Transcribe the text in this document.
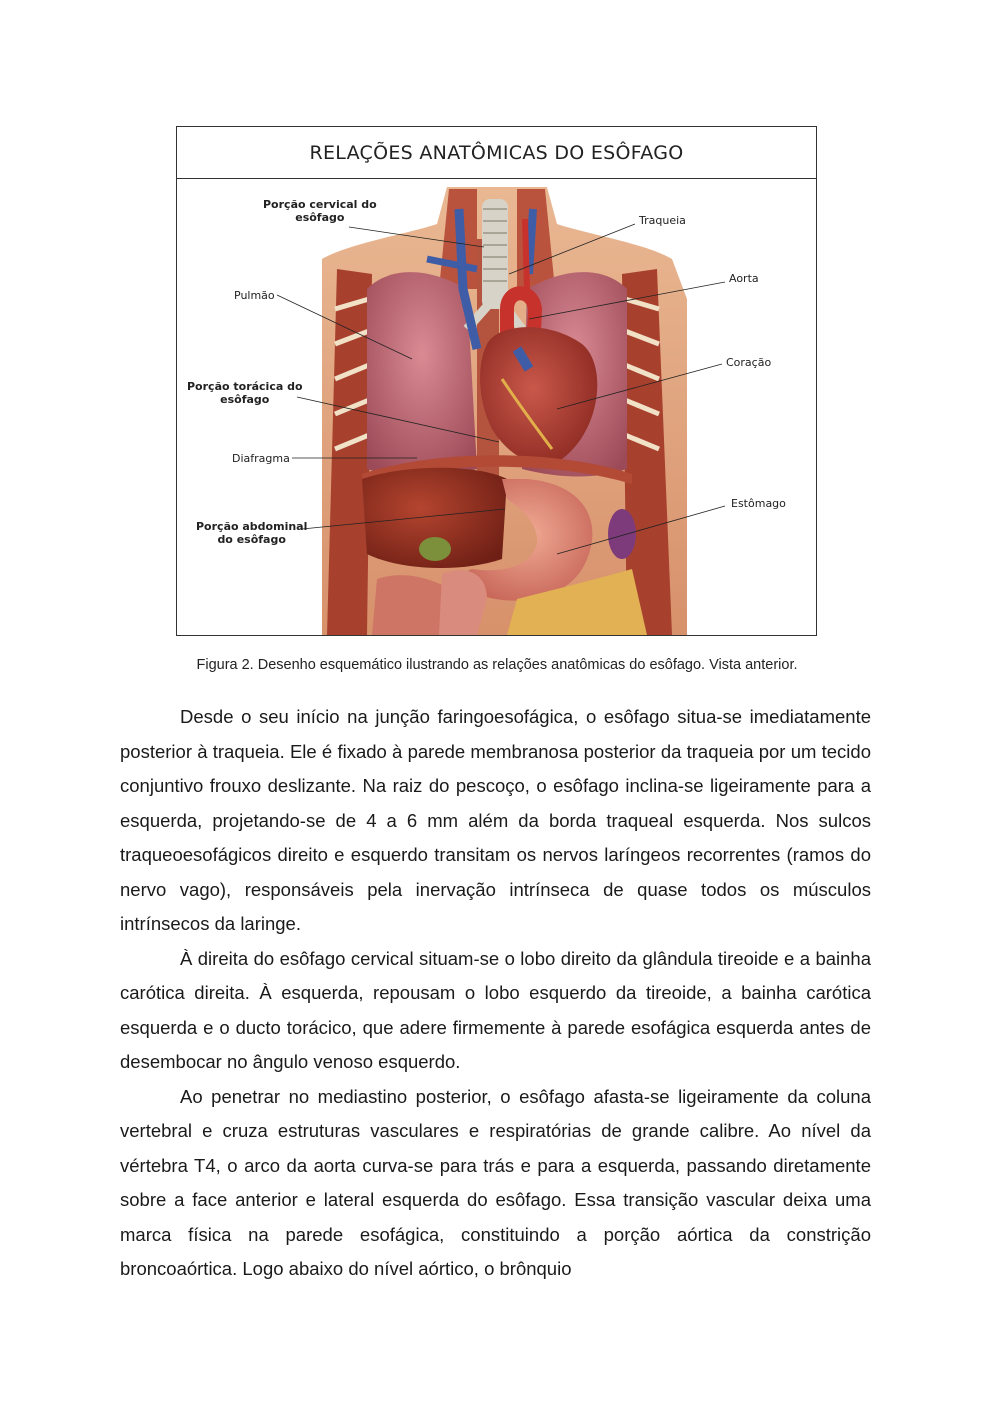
RELAÇÕES ANATÔMICAS DO ESÔFAGO
Porção cervical do
esôfago	Traqueia
Aorta
Pulmão
Coração
Porção torácica do
esôfago
Diafragma
Estômago
Porção abdominal
do esôfago
Figura 2. Desenho esquemático ilustrando as relações anatômicas do esôfago. Vista anterior.

Desde o seu início na junção faringoesofágica, o esôfago situa-se imediatamente posterior à traqueia. Ele é fixado à parede membranosa posterior da traqueia por um tecido conjuntivo frouxo deslizante. Na raiz do pescoço, o esôfago inclina-se ligeiramente para a esquerda, projetando-se de 4 a 6 mm além da borda traqueal esquerda. Nos sulcos traqueoesofágicos direito e esquerdo transitam os nervos laríngeos recorrentes (ramos do nervo vago), responsáveis pela inervação intrínseca de quase todos os músculos intrínsecos da laringe.

À direita do esôfago cervical situam-se o lobo direito da glândula tireoide e a bainha carótica direita. À esquerda, repousam o lobo esquerdo da tireoide, a bainha carótica esquerda e o ducto torácico, que adere firmemente à parede esofágica esquerda antes de desembocar no ângulo venoso esquerdo.

Ao penetrar no mediastino posterior, o esôfago afasta-se ligeiramente da coluna vertebral e cruza estruturas vasculares e respiratórias de grande calibre. Ao nível da vértebra T4, o arco da aorta curva-se para trás e para a esquerda, passando diretamente sobre a face anterior e lateral esquerda do esôfago. Essa transição vascular deixa uma marca física na parede esofágica, constituindo a porção aórtica da constrição broncoaórtica. Logo abaixo do nível aórtico, o brônquio
